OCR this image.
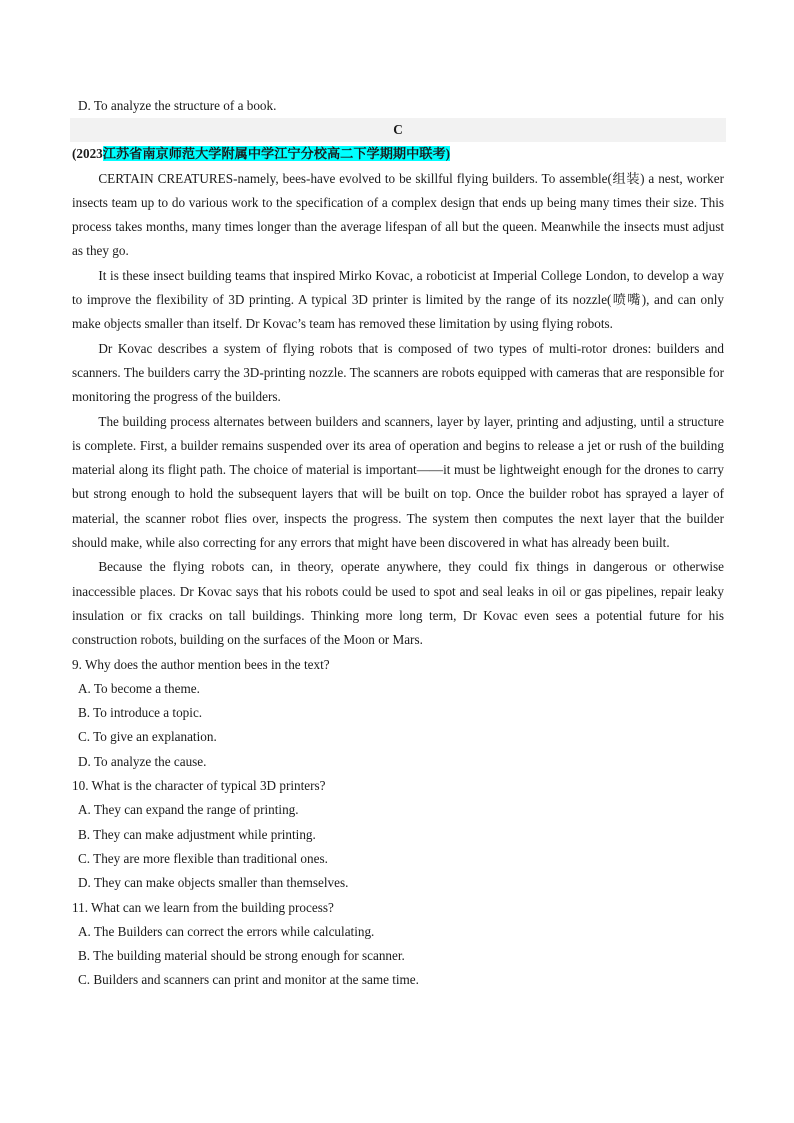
D. To analyze the structure of a book.

C

(2023江苏省南京师范大学附属中学江宁分校高二下学期期中联考)

CERTAIN CREATURES-namely, bees-have evolved to be skillful flying builders. To assemble(组装) a nest, worker insects team up to do various work to the specification of a complex design that ends up being many times their size. This process takes months, many times longer than the average lifespan of all but the queen. Meanwhile the insects must adjust as they go.

It is these insect building teams that inspired Mirko Kovac, a roboticist at Imperial College London, to develop a way to improve the flexibility of 3D printing. A typical 3D printer is limited by the range of its nozzle(喷嘴), and can only make objects smaller than itself. Dr Kovac’s team has removed these limitation by using flying robots.

Dr Kovac describes a system of flying robots that is composed of two types of multi-rotor drones: builders and scanners. The builders carry the 3D-printing nozzle. The scanners are robots equipped with cameras that are responsible for monitoring the progress of the builders.

The building process alternates between builders and scanners, layer by layer, printing and adjusting, until a structure is complete. First, a builder remains suspended over its area of operation and begins to release a jet or rush of the building material along its flight path. The choice of material is important——it must be lightweight enough for the drones to carry but strong enough to hold the subsequent layers that will be built on top. Once the builder robot has sprayed a layer of material, the scanner robot flies over, inspects the progress. The system then computes the next layer that the builder should make, while also correcting for any errors that might have been discovered in what has already been built.

Because the flying robots can, in theory, operate anywhere, they could fix things in dangerous or otherwise inaccessible places. Dr Kovac says that his robots could be used to spot and seal leaks in oil or gas pipelines, repair leaky insulation or fix cracks on tall buildings. Thinking more long term, Dr Kovac even sees a potential future for his construction robots, building on the surfaces of the Moon or Mars.

9. Why does the author mention bees in the text?

A. To become a theme.

B. To introduce a topic.

C. To give an explanation.

D. To analyze the cause.

10. What is the character of typical 3D printers?

A. They can expand the range of printing.

B. They can make adjustment while printing.

C. They are more flexible than traditional ones.

D. They can make objects smaller than themselves.

11. What can we learn from the building process?

A. The Builders can correct the errors while calculating.

B. The building material should be strong enough for scanner.

C. Builders and scanners can print and monitor at the same time.
